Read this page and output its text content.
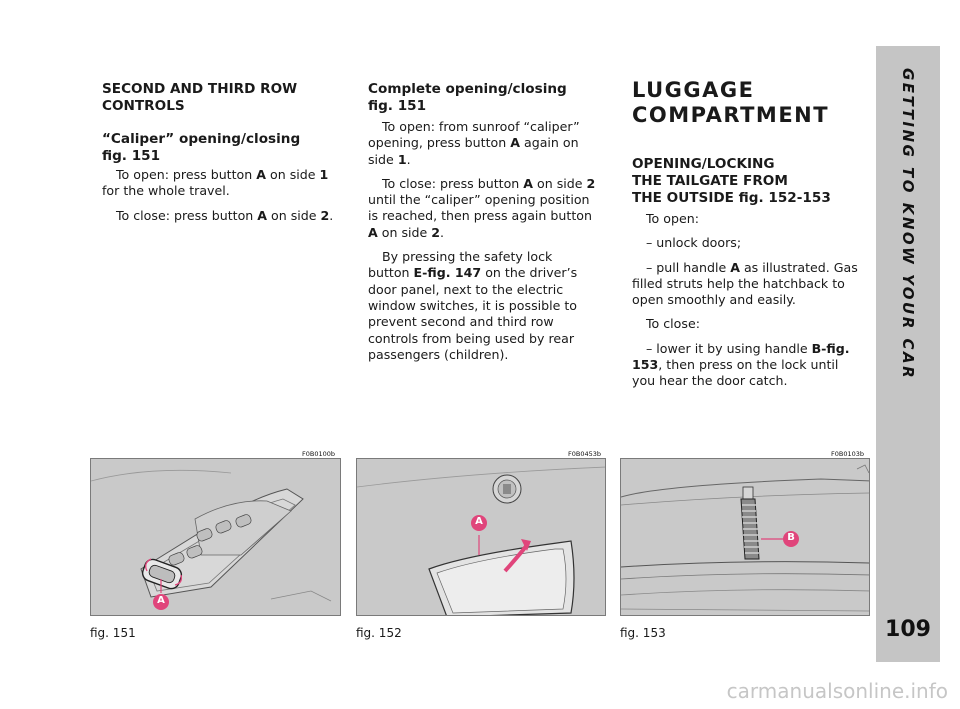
GETTING TO KNOW YOUR CAR
109
SECOND AND THIRD ROW
CONTROLS
“Caliper” opening/closing
fig. 151

To open: press button A on side 1 for the whole travel.

To close: press button A on side 2.

Complete opening/closing
fig. 151

To open: from sunroof “caliper” opening, press button A again on side 1.

To close: press button A on side 2 until the “caliper” opening position is reached, then press again button A on side 2.

By pressing the safety lock button E-fig. 147 on the driver’s door panel, next to the electric window switches, it is possible to prevent second and third row controls from being used by rear passengers (children).

LUGGAGE
COMPARTMENT
OPENING/LOCKING
THE TAILGATE FROM
THE OUTSIDE fig. 152-153

To open:

– unlock doors;

– pull handle A as illustrated. Gas filled struts help the hatchback to open smoothly and easily.

To close:

– lower it by using handle B-fig. 153, then press on the lock until you hear the door catch.

F0B0100b
A
fig. 151
F0B0453b
A
fig. 152
F0B0103b
B
fig. 153
carmanualsonline.info
